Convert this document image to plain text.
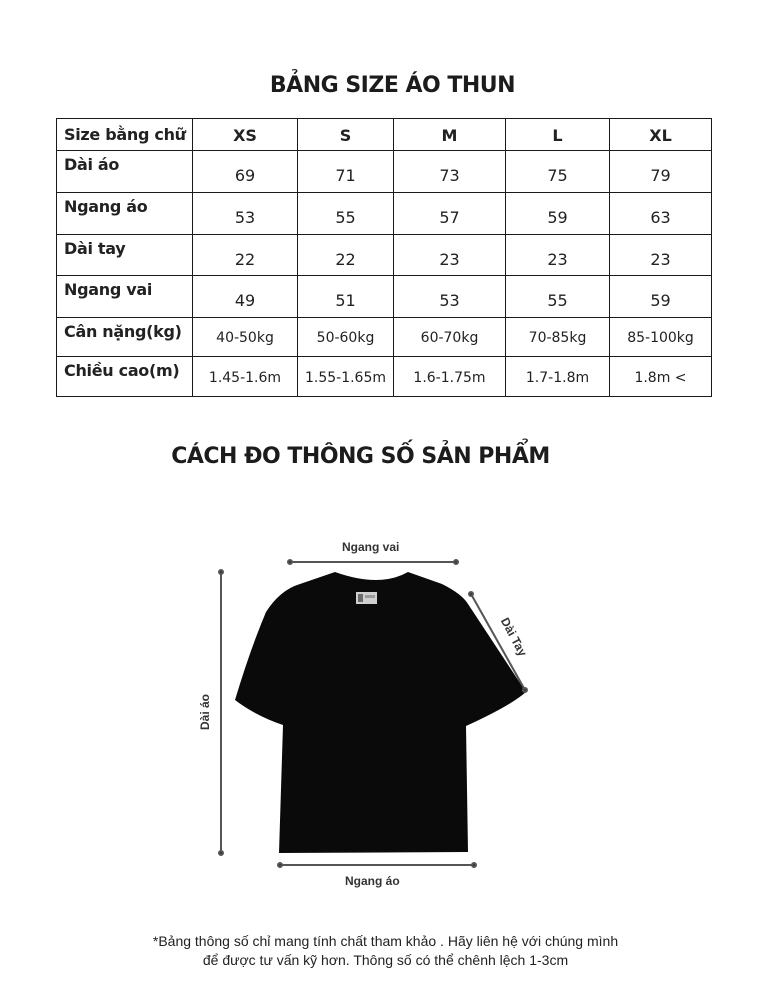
BẢNG SIZE ÁO THUN
Size bằng chữ	XS	S	M	L	XL
Dài áo	69	71	73	75	79
Ngang áo	53	55	57	59	63
Dài tay	22	22	23	23	23
Ngang vai	49	51	53	55	59
Cân nặng(kg)	40-50kg	50-60kg	60-70kg	70-85kg	85-100kg
Chiều cao(m)	1.45-1.6m	1.55-1.65m	1.6-1.75m	1.7-1.8m	1.8m <
CÁCH ĐO THÔNG SỐ SẢN PHẨM
Ngang vai
Dài Tay
Dài áo
Ngang áo
*Bảng thông số chỉ mang tính chất tham khảo . Hãy liên hệ với chúng mình
để được tư vấn kỹ hơn. Thông số có thể chênh lệch 1-3cm
